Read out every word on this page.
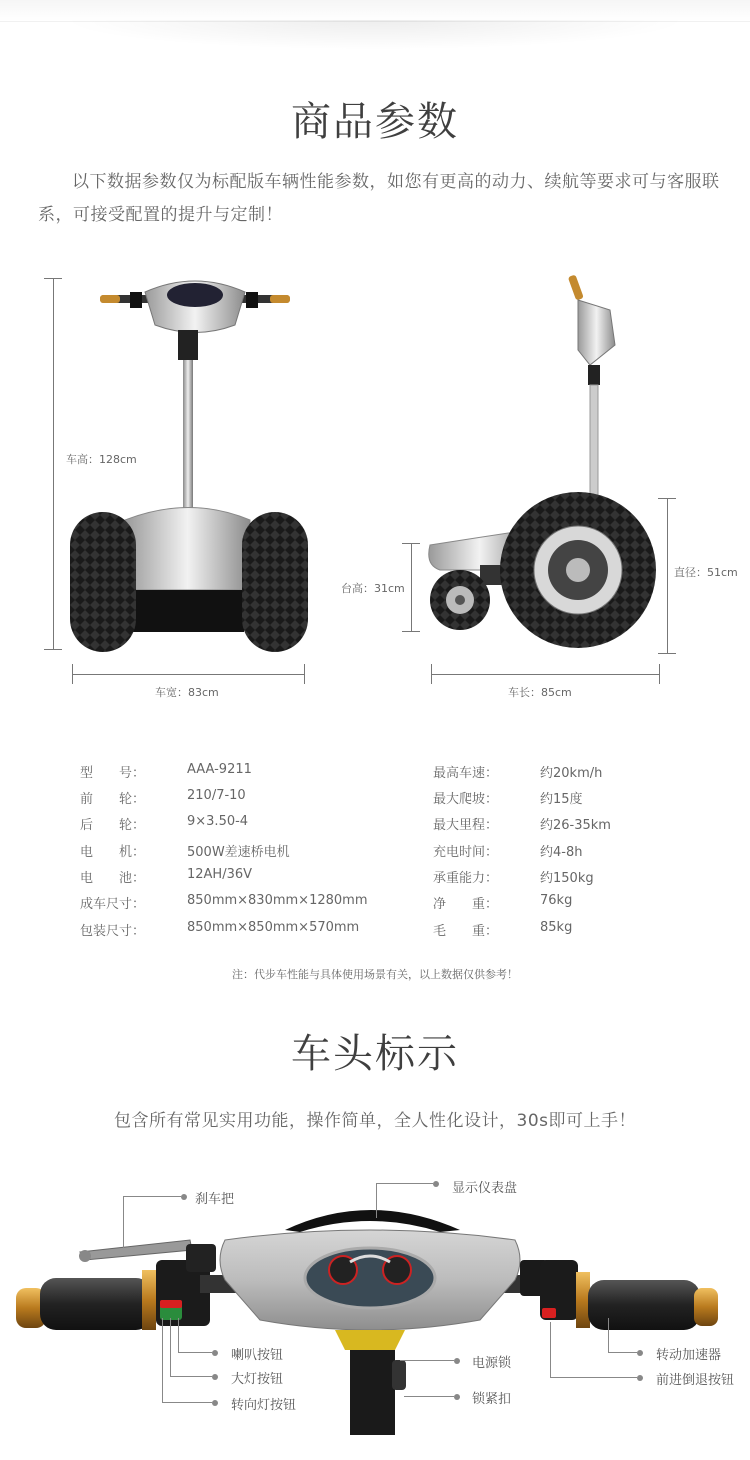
商品参数

以下数据参数仅为标配版车辆性能参数，如您有更高的动力、续航等要求可与客服联系，可接受配置的提升与定制！

车高：128cm
车宽：83cm
台高：31cm
直径：51cm
车长：85cm
型　　号：	AAA-9211
前　　轮：	210/7-10
后　　轮：	9×3.50-4
电　　机：	500W差速桥电机
电　　池：	12AH/36V
成车尺寸：	850mm×830mm×1280mm
包装尺寸：	850mm×850mm×570mm
最高车速：	约20km/h
最大爬坡：	约15度
最大里程：	约26-35km
充电时间：	约4-8h
承重能力：	约150kg
净　　重：	76kg
毛　　重：	85kg

注：代步车性能与具体使用场景有关，以上数据仅供参考！

车头标示

包含所有常见实用功能，操作简单，全人性化设计，30s即可上手！

刹车把
显示仪表盘
喇叭按钮
大灯按钮
转向灯按钮
电源锁
锁紧扣
转动加速器
前进倒退按钮
